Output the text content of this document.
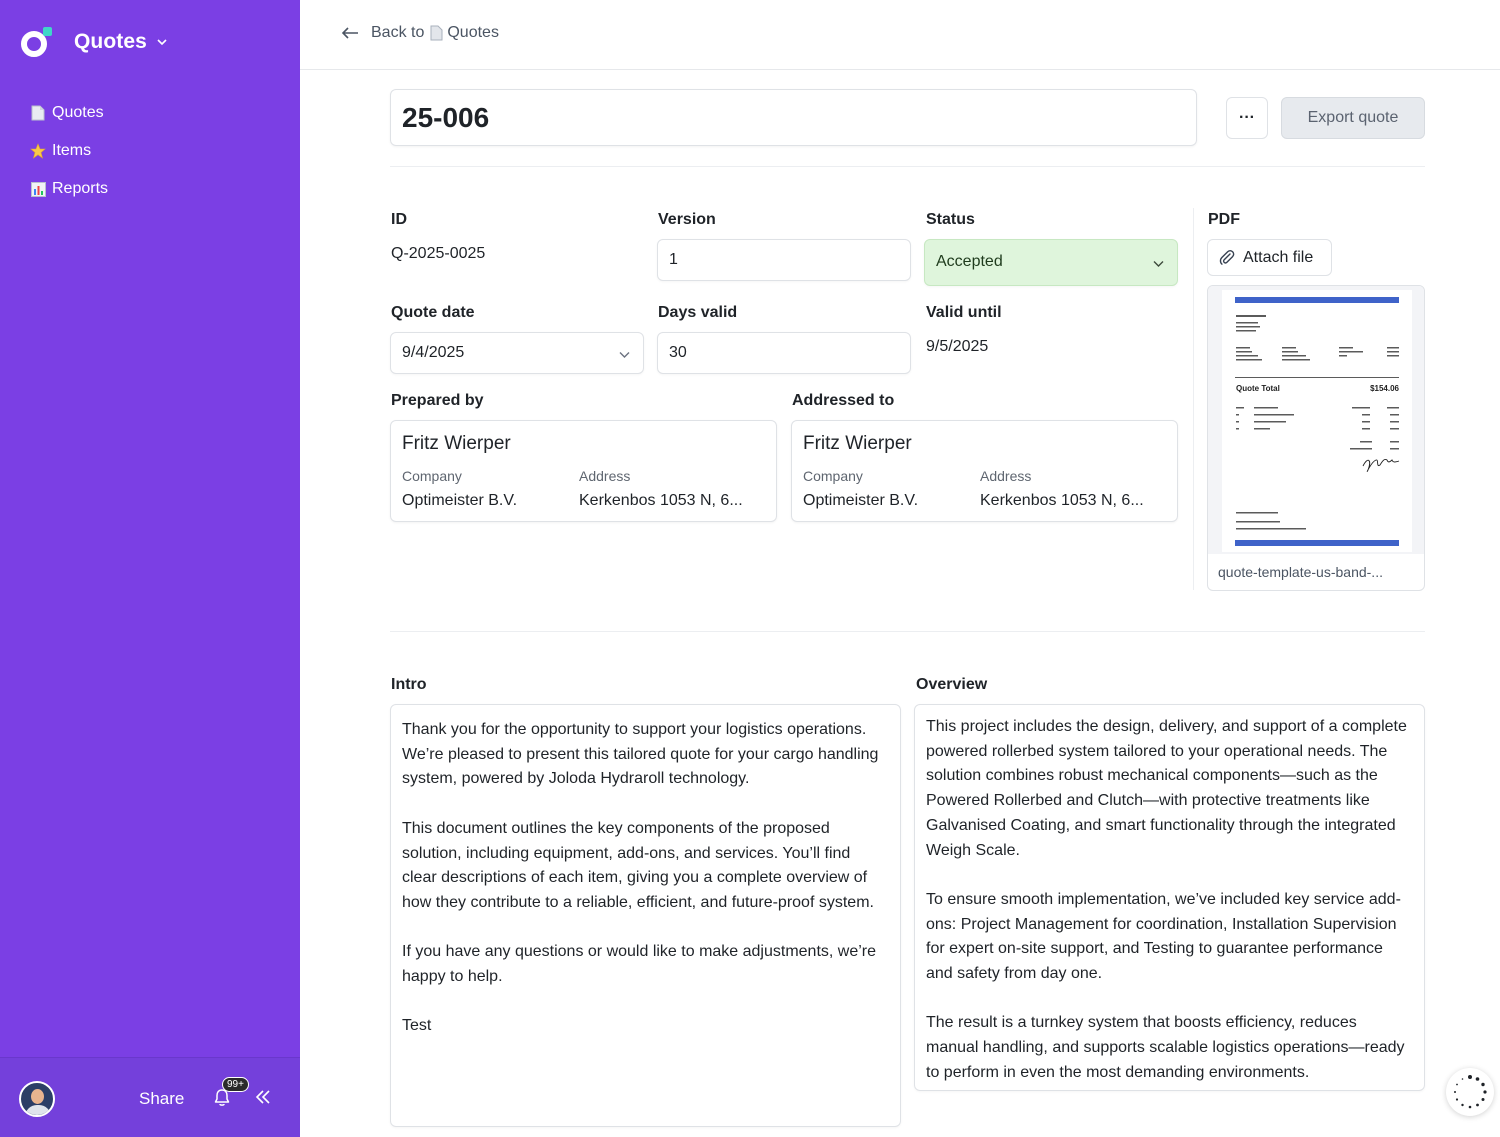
Quotes
Quotes
Items
Reports
Share
99+
Back to Quotes
25-006	···	Export quote
ID
Q-2025-0025
Version
1
Status
Accepted
Quote date
9/4/2025
Days valid
30
Valid until
9/5/2025
Prepared by
Fritz Wierper
Company	Address
Optimeister B.V.	Kerkenbos 1053 N, 6...
Addressed to
Fritz Wierper
Company	Address
Optimeister B.V.	Kerkenbos 1053 N, 6...
PDF
Attach file
Quote Total	$154.06
quote-template-us-band-...
Intro
Thank you for the opportunity to support your logistics operations. We’re pleased to present this tailored quote for your cargo handling system, powered by Joloda Hydraroll technology.

This document outlines the key components of the proposed solution, including equipment, add-ons, and services. You’ll find clear descriptions of each item, giving you a complete overview of how they contribute to a reliable, efficient, and future-proof system.

If you have any questions or would like to make adjustments, we’re happy to help.

Test
Overview
This project includes the design, delivery, and support of a complete powered rollerbed system tailored to your operational needs. The solution combines robust mechanical components—such as the Powered Rollerbed and Clutch—with protective treatments like Galvanised Coating, and smart functionality through the integrated Weigh Scale.

To ensure smooth implementation, we’ve included key service add-ons: Project Management for coordination, Installation Supervision for expert on-site support, and Testing to guarantee performance and safety from day one.

The result is a turnkey system that boosts efficiency, reduces manual handling, and supports scalable logistics operations—ready to perform in even the most demanding environments.
